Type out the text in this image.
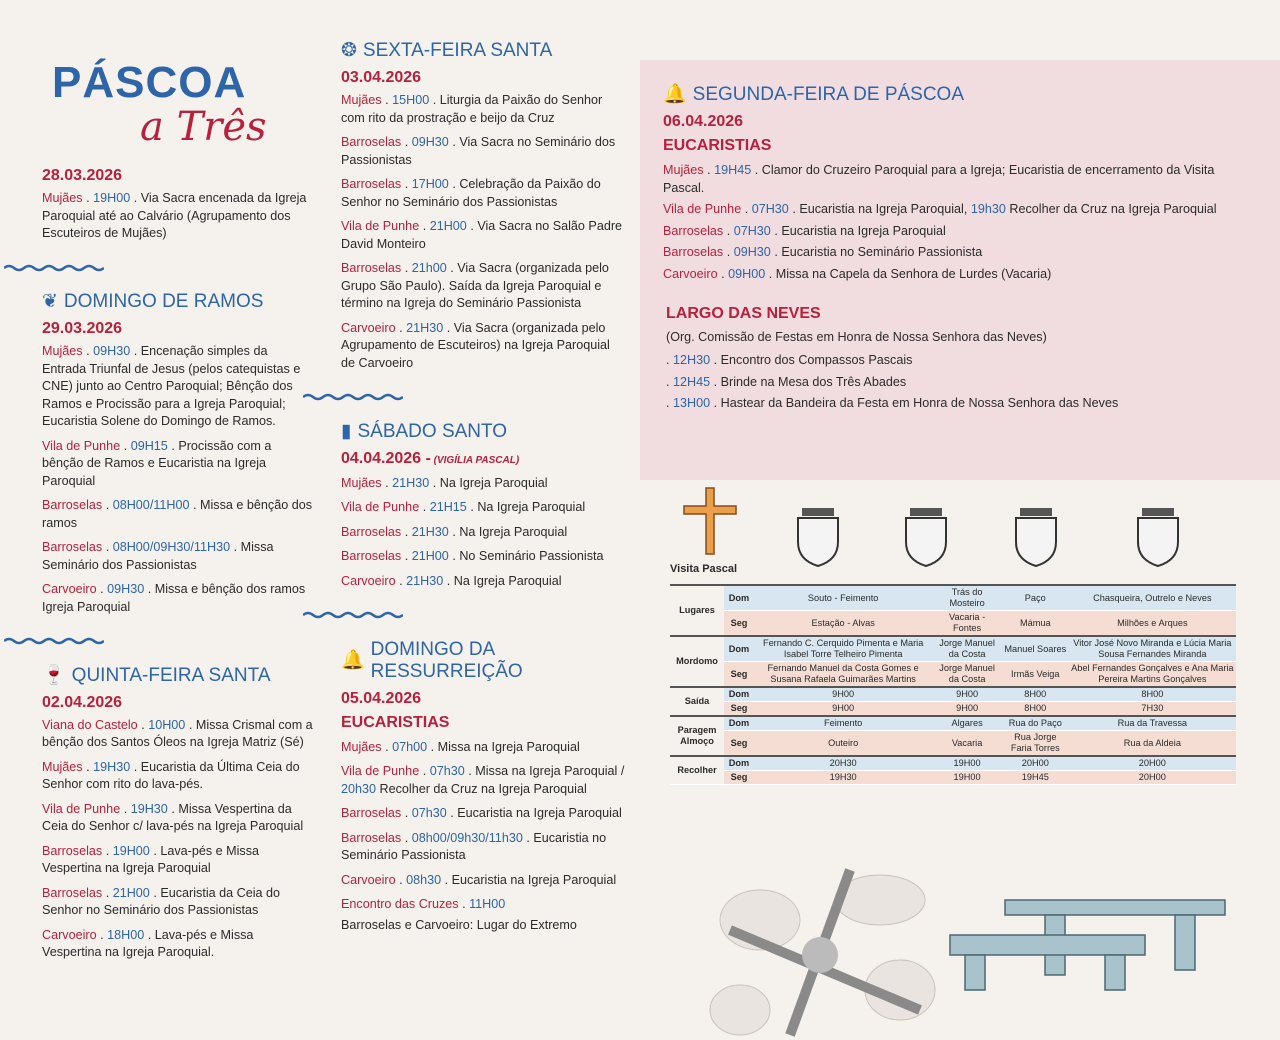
PÁSCOA
a Três
28.03.2026
Mujães . 19H00 . Via Sacra encenada da Igreja Paroquial até ao Calvário (Agrupamento dos Escuteiros de Mujães)
❦ DOMINGO DE RAMOS
29.03.2026
Mujães . 09H30 . Encenação simples da Entrada Triunfal de Jesus (pelos catequistas e CNE) junto ao Centro Paroquial; Bênção dos Ramos e Procissão para a Igreja Paroquial; Eucaristia Solene do Domingo de Ramos.
Vila de Punhe . 09H15 . Procissão com a bênção de Ramos e Eucaristia na Igreja Paroquial
Barroselas . 08H00/11H00 . Missa e bênção dos ramos
Barroselas . 08H00/09H30/11H30 . Missa Seminário dos Passionistas
Carvoeiro . 09H30 . Missa e bênção dos ramos Igreja Paroquial
🍷 QUINTA-FEIRA SANTA
02.04.2026
Viana do Castelo . 10H00 . Missa Crismal com a bênção dos Santos Óleos na Igreja Matriz (Sé)
Mujães . 19H30 . Eucaristia da Última Ceia do Senhor com rito do lava-pés.
Vila de Punhe . 19H30 . Missa Vespertina da Ceia do Senhor c/ lava-pés na Igreja Paroquial
Barroselas . 19H00 . Lava-pés e Missa Vespertina na Igreja Paroquial
Barroselas . 21H00 . Eucaristia da Ceia do Senhor no Seminário dos Passionistas
Carvoeiro . 18H00 . Lava-pés e Missa Vespertina na Igreja Paroquial.
❂ SEXTA-FEIRA SANTA
03.04.2026
Mujães . 15H00 . Liturgia da Paixão do Senhor com rito da prostração e beijo da Cruz
Barroselas . 09H30 . Via Sacra no Seminário dos Passionistas
Barroselas . 17H00 . Celebração da Paixão do Senhor no Seminário dos Passionistas
Vila de Punhe . 21H00 . Via Sacra no Salão Padre David Monteiro
Barroselas . 21h00 . Via Sacra (organizada pelo Grupo São Paulo). Saída da Igreja Paroquial e término na Igreja do Seminário Passionista
Carvoeiro . 21H30 . Via Sacra (organizada pelo Agrupamento de Escuteiros) na Igreja Paroquial de Carvoeiro
▮ SÁBADO SANTO
04.04.2026 - (VIGÍLIA PASCAL)
Mujães . 21H30 . Na Igreja Paroquial
Vila de Punhe . 21H15 . Na Igreja Paroquial
Barroselas . 21H30 . Na Igreja Paroquial
Barroselas . 21H00 . No Seminário Passionista
Carvoeiro . 21H30 . Na Igreja Paroquial
🔔
DOMINGO DA RESSURREIÇÃO
05.04.2026
EUCARISTIAS
Mujães . 07h00 . Missa na Igreja Paroquial
Vila de Punhe . 07h30 . Missa na Igreja Paroquial / 20h30 Recolher da Cruz na Igreja Paroquial
Barroselas . 07h30 . Eucaristia na Igreja Paroquial
Barroselas . 08h00/09h30/11h30 . Eucaristia no Seminário Passionista
Carvoeiro . 08h30 . Eucaristia na Igreja Paroquial
Encontro das Cruzes . 11H00
Barroselas e Carvoeiro: Lugar do Extremo
🔔 SEGUNDA-FEIRA DE PÁSCOA
06.04.2026
EUCARISTIAS
Mujães . 19H45 . Clamor do Cruzeiro Paroquial para a Igreja; Eucaristia de encerramento da Visita Pascal.
Vila de Punhe . 07H30 . Eucaristia na Igreja Paroquial, 19h30 Recolher da Cruz na Igreja Paroquial
Barroselas . 07H30 . Eucaristia na Igreja Paroquial
Barroselas . 09H30 . Eucaristia no Seminário Passionista
Carvoeiro . 09H00 . Missa na Capela da Senhora de Lurdes (Vacaria)
LARGO DAS NEVES
(Org. Comissão de Festas em Honra de Nossa Senhora das Neves)
. 12H30 . Encontro dos Compassos Pascais
. 12H45 . Brinde na Mesa dos Três Abades
. 13H00 . Hastear da Bandeira da Festa em Honra de Nossa Senhora das Neves
Visita Pascal
Lugares	Dom	Souto - Feimento	Trás do Mosteiro	Paço	Chasqueira, Outrelo e Neves
	Seg	Estação - Alvas	Vacaria - Fontes	Mámua	Milhões e Arques
Mordomo	Dom	Fernando C. Cerquido Pimenta e Maria Isabel Torre Telheiro Pimenta	Jorge Manuel da Costa	Manuel Soares	Vitor José Novo Miranda e Lúcia Maria Sousa Fernandes Miranda
	Seg	Fernando Manuel da Costa Gomes e Susana Rafaela Guimarães Martins	Jorge Manuel da Costa	Irmãs Veiga	Abel Fernandes Gonçalves e Ana Maria Pereira Martins Gonçalves
Saída	Dom	9H00	9H00	8H00	8H00
	Seg	9H00	9H00	8H00	7H30
Paragem Almoço	Dom	Feimento	Algares	Rua do Paço	Rua da Travessa
	Seg	Outeiro	Vacaria	Rua Jorge Faria Torres	Rua da Aldeia
Recolher	Dom	20H30	19H00	20H00	20H00
	Seg	19H30	19H00	19H45	20H00
